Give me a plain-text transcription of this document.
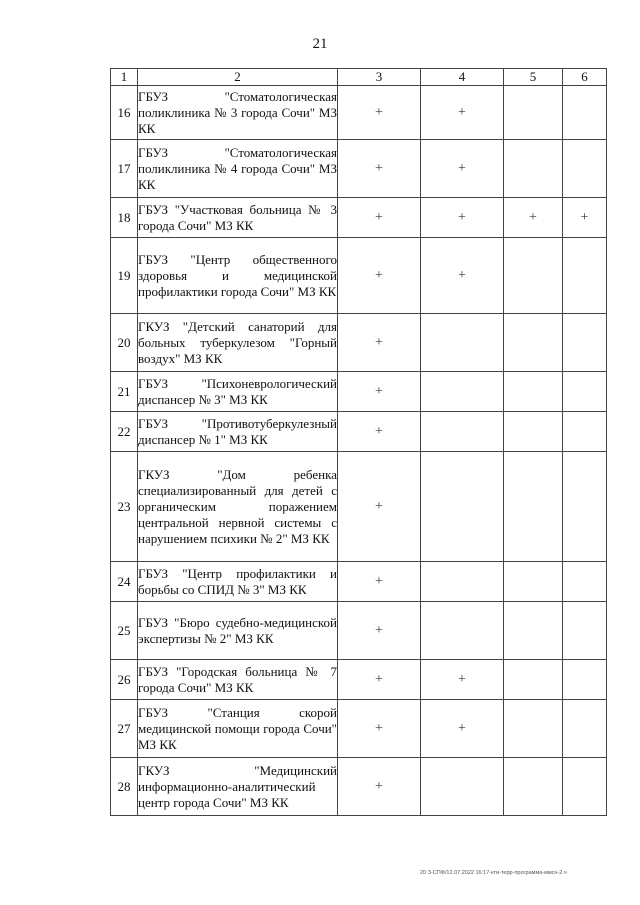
21
1	2	3	4	5	6
16	ГБУЗ "Стоматологическая поликлиника № 3 города Сочи" МЗ КК	+	+		
17	ГБУЗ "Стоматологическая поликлиника № 4 города Сочи" МЗ КК	+	+		
18	ГБУЗ "Участковая больница № 3 города Сочи" МЗ КК	+	+	+	+
19	ГБУЗ "Центр общественного здоровья и медицинской профилактики города Сочи" МЗ КК	+	+		
20	ГКУЗ "Детский санаторий для больных туберкулезом "Горный воздух" МЗ КК	+			
21	ГБУЗ "Психоневрологический диспансер № 3" МЗ КК	+			
22	ГБУЗ "Противотуберкулезный диспансер № 1" МЗ КК	+			
23	ГКУЗ "Дом ребенка специализированный для детей с органическим поражением центральной нервной системы с нарушением психики № 2" МЗ КК	+			
24	ГБУЗ "Центр профилактики и борьбы со СПИД № 3" МЗ КК	+			
25	ГБУЗ "Бюро судебно-медицинской экспертизы № 2" МЗ КК	+			
26	ГБУЗ "Городская больница № 7 города Сочи" МЗ КК	+	+		
27	ГБУЗ "Станция скорой медицинской помощи города Сочи" МЗ КК	+	+		
28	ГКУЗ "Медицинский информационно-аналитический центр города Сочи" МЗ КК	+			
20 З-СПФ/12.07.2022 16:17-кти-терр-программа-ммсн-2.ч
